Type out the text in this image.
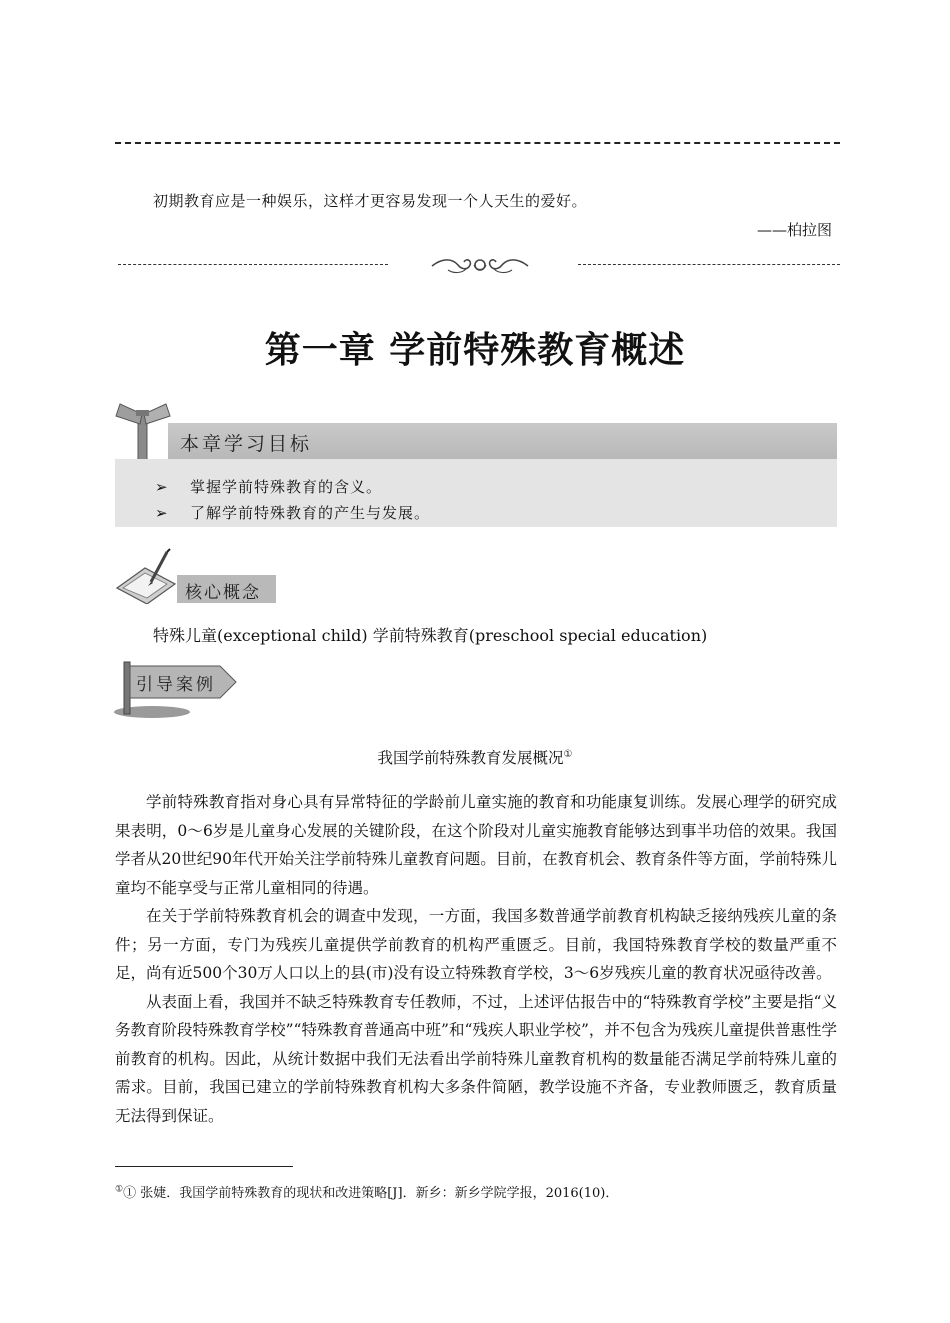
初期教育应是一种娱乐，这样才更容易发现一个人天生的爱好。
——柏拉图
第一章 学前特殊教育概述
本章学习目标
➢ 掌握学前特殊教育的含义。
➢ 了解学前特殊教育的产生与发展。
核心概念
特殊儿童(exceptional child) 学前特殊教育(preschool special education)
引导案例
我国学前特殊教育发展概况①

学前特殊教育指对身心具有异常特征的学龄前儿童实施的教育和功能康复训练。发展心理学的研究成果表明，0～6岁是儿童身心发展的关键阶段，在这个阶段对儿童实施教育能够达到事半功倍的效果。我国学者从20世纪90年代开始关注学前特殊儿童教育问题。目前，在教育机会、教育条件等方面，学前特殊儿童均不能享受与正常儿童相同的待遇。

在关于学前特殊教育机会的调查中发现，一方面，我国多数普通学前教育机构缺乏接纳残疾儿童的条件；另一方面，专门为残疾儿童提供学前教育的机构严重匮乏。目前，我国特殊教育学校的数量严重不足，尚有近500个30万人口以上的县(市)没有设立特殊教育学校，3～6岁残疾儿童的教育状况亟待改善。

从表面上看，我国并不缺乏特殊教育专任教师，不过，上述评估报告中的“特殊教育学校”主要是指“义务教育阶段特殊教育学校”“特殊教育普通高中班”和“残疾人职业学校”，并不包含为残疾儿童提供普惠性学前教育的机构。因此，从统计数据中我们无法看出学前特殊儿童教育机构的数量能否满足学前特殊儿童的需求。目前，我国已建立的学前特殊教育机构大多条件简陋，教学设施不齐备，专业教师匮乏，教育质量无法得到保证。

①① 张婕．我国学前特殊教育的现状和改进策略[J]．新乡：新乡学院学报，2016(10)．
